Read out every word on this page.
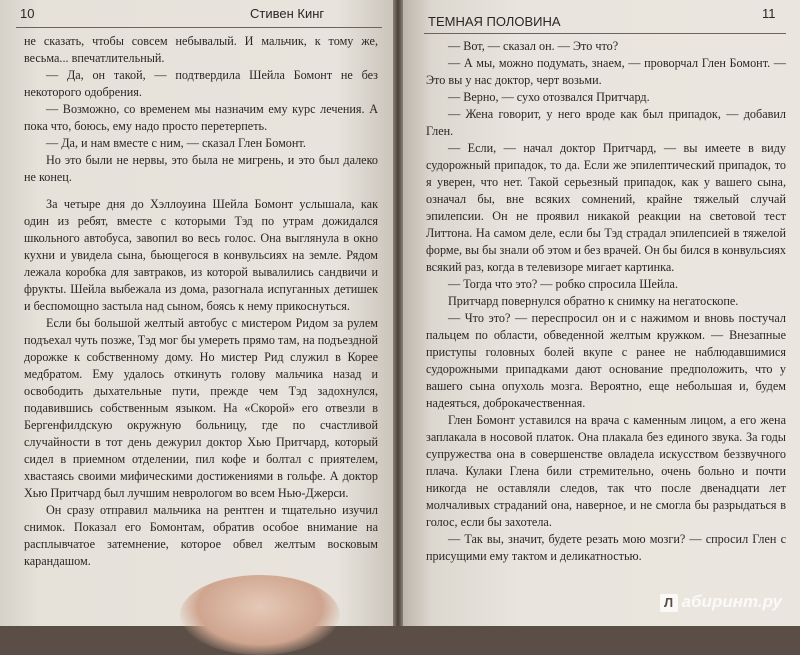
10	Стивен Кинг

не сказать, чтобы совсем небывалый. И мальчик, к тому же, весьма... впечатлительный.

— Да, он такой, — подтвердила Шейла Бомонт не без некоторого одобрения.

— Возможно, со временем мы назначим ему курс лечения. А пока что, боюсь, ему надо просто перетерпеть.

— Да, и нам вместе с ним, — сказал Глен Бомонт.

Но это были не нервы, это была не мигрень, и это был далеко не конец.

За четыре дня до Хэллоуина Шейла Бомонт услышала, как один из ребят, вместе с которыми Тэд по утрам дожидался школьного автобуса, завопил во весь голос. Она выглянула в окно кухни и увидела сына, бьющегося в конвульсиях на земле. Рядом лежала коробка для завтраков, из которой вывалились сандвичи и фрукты. Шейла выбежала из дома, разогнала испуганных детишек и беспомощно застыла над сыном, боясь к нему прикоснуться.

Если бы большой желтый автобус с мистером Ридом за рулем подъехал чуть позже, Тэд мог бы умереть прямо там, на подъездной дорожке к собственному дому. Но мистер Рид служил в Корее медбратом. Ему удалось откинуть голову мальчика назад и освободить дыхательные пути, прежде чем Тэд задохнулся, подавившись собственным языком. На «Скорой» его отвезли в Бергенфилдскую окружную больницу, где по счастливой случайности в тот день дежурил доктор Хью Притчард, который сидел в приемном отделении, пил кофе и болтал с приятелем, хвастаясь своими мифическими достижениями в гольфе. А доктор Хью Притчард был лучшим неврологом во всем Нью-Джерси.

Он сразу отправил мальчика на рентген и тщательно изучил снимок. Показал его Бомонтам, обратив особое внимание на расплывчатое затемнение, которое обвел желтым восковым карандашом.

ТЕМНАЯ ПОЛОВИНА
11

— Вот, — сказал он. — Это что?

— А мы, можно подумать, знаем, — проворчал Глен Бомонт. — Это вы у нас доктор, черт возьми.

— Верно, — сухо отозвался Притчард.

— Жена говорит, у него вроде как был припадок, — добавил Глен.

— Если, — начал доктор Притчард, — вы имеете в виду судорожный припадок, то да. Если же эпилептический припадок, то я уверен, что нет. Такой серьезный припадок, как у вашего сына, означал бы, вне всяких сомнений, крайне тяжелый случай эпилепсии. Он не проявил никакой реакции на световой тест Литтона. На самом деле, если бы Тэд страдал эпилепсией в тяжелой форме, вы бы знали об этом и без врачей. Он бы бился в конвульсиях всякий раз, когда в телевизоре мигает картинка.

— Тогда что это? — робко спросила Шейла.

Притчард повернулся обратно к снимку на негатоскопе.

— Что это? — переспросил он и с нажимом и вновь постучал пальцем по области, обведенной желтым кружком. — Внезапные приступы головных болей вкупе с ранее не наблюдавшимися судорожными припадками дают основание предположить, что у вашего сына опухоль мозга. Вероятно, еще небольшая и, будем надеяться, доброкачественная.

Глен Бомонт уставился на врача с каменным лицом, а его жена заплакала в носовой платок. Она плакала без единого звука. За годы супружества она в совершенстве овладела искусством беззвучного плача. Кулаки Глена били стремительно, очень больно и почти никогда не оставляли следов, так что после двенадцати лет молчаливых страданий она, наверное, и не смогла бы разрыдаться в голос, если бы захотела.

— Так вы, значит, будете резать мою мозги? — спросил Глен с присущими ему тактом и деликатностью.

Л абиринт.ру
